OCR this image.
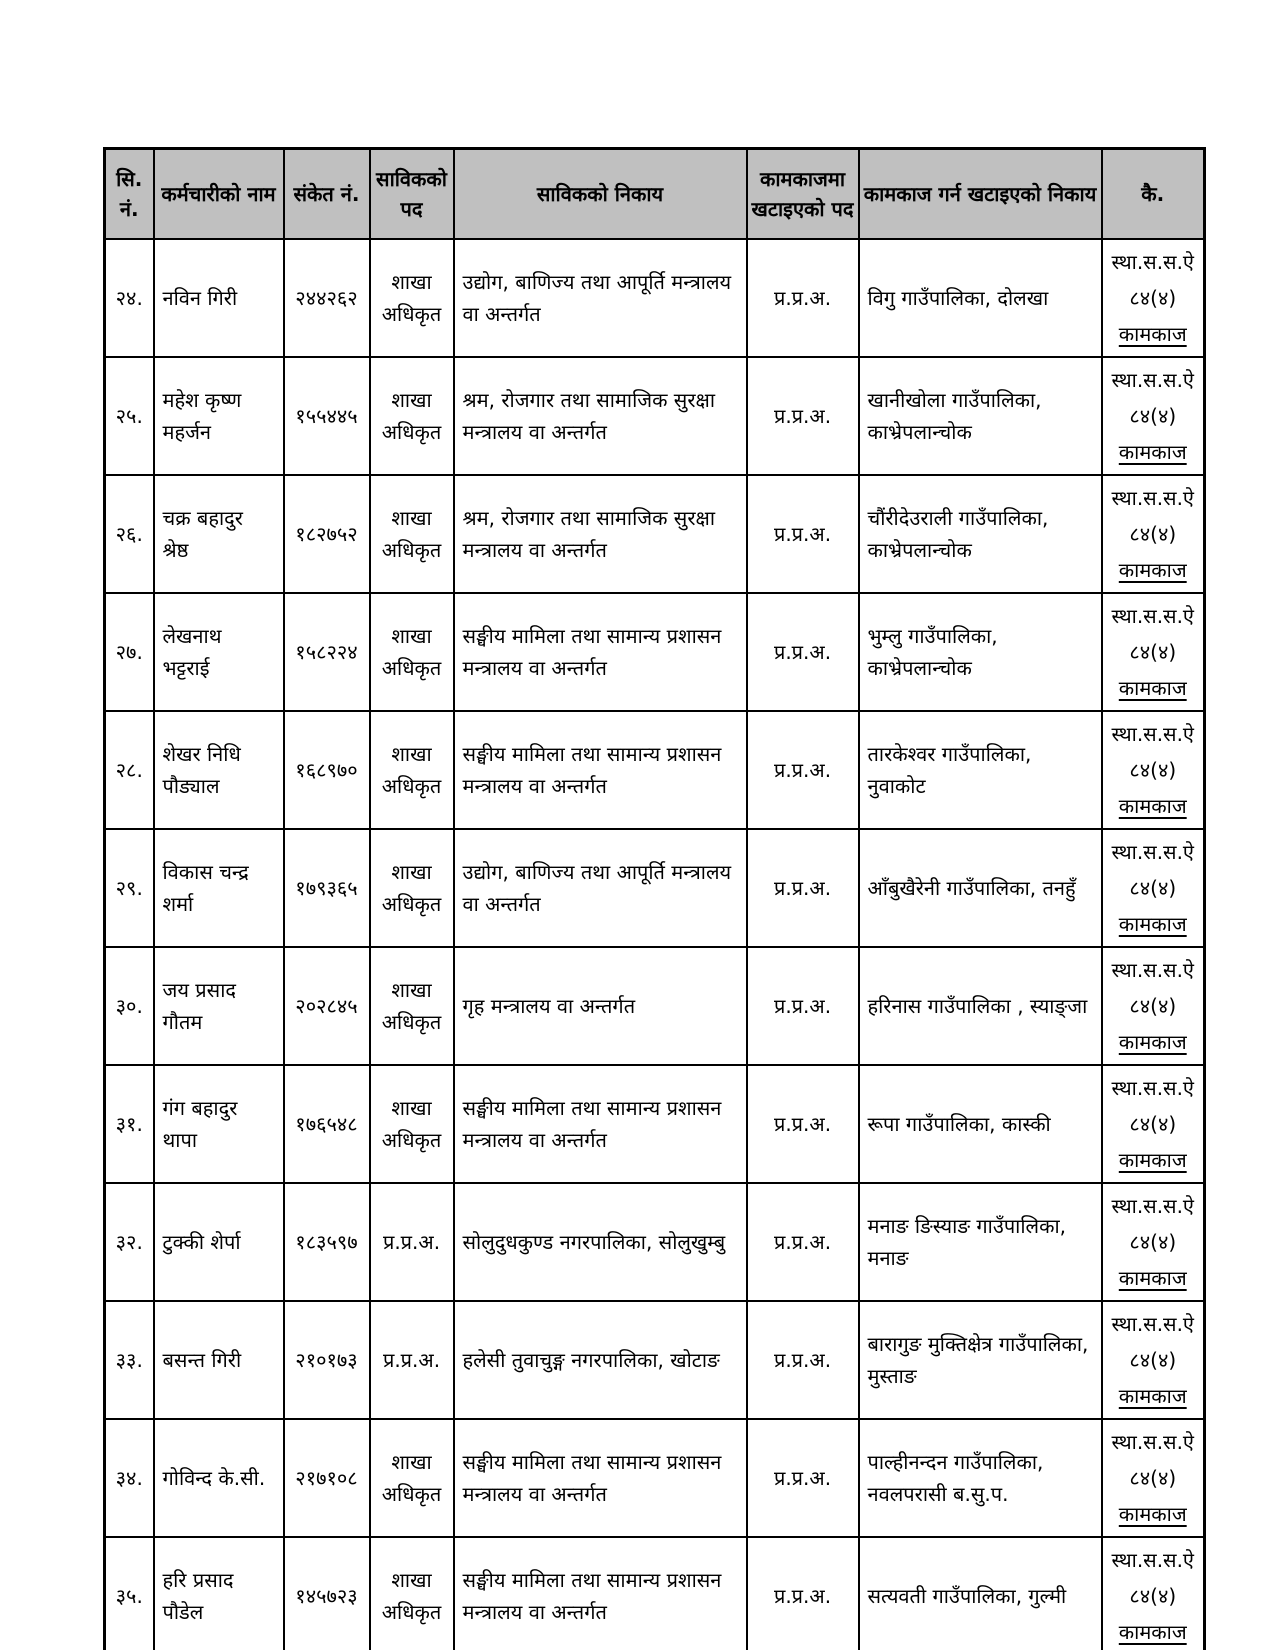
सि. नं.	कर्मचारीको नाम	संकेत नं.	साविकको पद	साविकको निकाय	कामकाजमा खटाइएको पद	कामकाज गर्न खटाइएको निकाय	कै.
२४.	नविन गिरी	२४४२६२	शाखा अधिकृत	उद्योग, बाणिज्य तथा आपूर्ति मन्त्रालय वा अन्तर्गत	प्र.प्र.अ.	विगु गाउँपालिका, दोलखा	स्था.स.स.ऐ
८४(४)
कामकाज

२५.	महेश कृष्ण महर्जन	१५५४४५	शाखा अधिकृत	श्रम, रोजगार तथा सामाजिक सुरक्षा मन्त्रालय वा अन्तर्गत	प्र.प्र.अ.	खानीखोला गाउँपालिका, काभ्रेपलान्चोक	स्था.स.स.ऐ
८४(४)
कामकाज

२६.	चक्र बहादुर श्रेष्ठ	१८२७५२	शाखा अधिकृत	श्रम, रोजगार तथा सामाजिक सुरक्षा मन्त्रालय वा अन्तर्गत	प्र.प्र.अ.	चौंरीदेउराली गाउँपालिका, काभ्रेपलान्चोक	स्था.स.स.ऐ
८४(४)
कामकाज

२७.	लेखनाथ भट्टराई	१५८२२४	शाखा अधिकृत	सङ्घीय मामिला तथा सामान्य प्रशासन मन्त्रालय वा अन्तर्गत	प्र.प्र.अ.	भुम्लु गाउँपालिका, काभ्रेपलान्चोक	स्था.स.स.ऐ
८४(४)
कामकाज

२८.	शेखर निधि पौड्याल	१६८९७०	शाखा अधिकृत	सङ्घीय मामिला तथा सामान्य प्रशासन मन्त्रालय वा अन्तर्गत	प्र.प्र.अ.	तारकेश्वर गाउँपालिका, नुवाकोट	स्था.स.स.ऐ
८४(४)
कामकाज

२९.	विकास चन्द्र शर्मा	१७९३६५	शाखा अधिकृत	उद्योग, बाणिज्य तथा आपूर्ति मन्त्रालय वा अन्तर्गत	प्र.प्र.अ.	आँबुखैरेनी गाउँपालिका, तनहुँ	स्था.स.स.ऐ
८४(४)
कामकाज

३०.	जय प्रसाद गौतम	२०२८४५	शाखा अधिकृत	गृह मन्त्रालय वा अन्तर्गत	प्र.प्र.अ.	हरिनास गाउँपालिका , स्याङ्जा	स्था.स.स.ऐ
८४(४)
कामकाज

३१.	गंग बहादुर थापा	१७६५४८	शाखा अधिकृत	सङ्घीय मामिला तथा सामान्य प्रशासन मन्त्रालय वा अन्तर्गत	प्र.प्र.अ.	रूपा गाउँपालिका, कास्की	स्था.स.स.ऐ
८४(४)
कामकाज

३२.	टुक्की शेर्पा	१८३५९७	प्र.प्र.अ.	सोलुदुधकुण्ड नगरपालिका, सोलुखुम्बु	प्र.प्र.अ.	मनाङ ङिस्याङ गाउँपालिका, मनाङ	स्था.स.स.ऐ
८४(४)
कामकाज

३३.	बसन्त गिरी	२१०१७३	प्र.प्र.अ.	हलेसी तुवाचुङ्ग नगरपालिका, खोटाङ	प्र.प्र.अ.	बारागुङ मुक्तिक्षेत्र गाउँपालिका, मुस्ताङ	स्था.स.स.ऐ
८४(४)
कामकाज

३४.	गोविन्द के.सी.	२१७१०८	शाखा अधिकृत	सङ्घीय मामिला तथा सामान्य प्रशासन मन्त्रालय वा अन्तर्गत	प्र.प्र.अ.	पाल्हीनन्दन गाउँपालिका, नवलपरासी ब.सु.प.	स्था.स.स.ऐ
८४(४)
कामकाज

३५.	हरि प्रसाद पौडेल	१४५७२३	शाखा अधिकृत	सङ्घीय मामिला तथा सामान्य प्रशासन मन्त्रालय वा अन्तर्गत	प्र.प्र.अ.	सत्यवती गाउँपालिका, गुल्मी	स्था.स.स.ऐ
८४(४)
कामकाज
